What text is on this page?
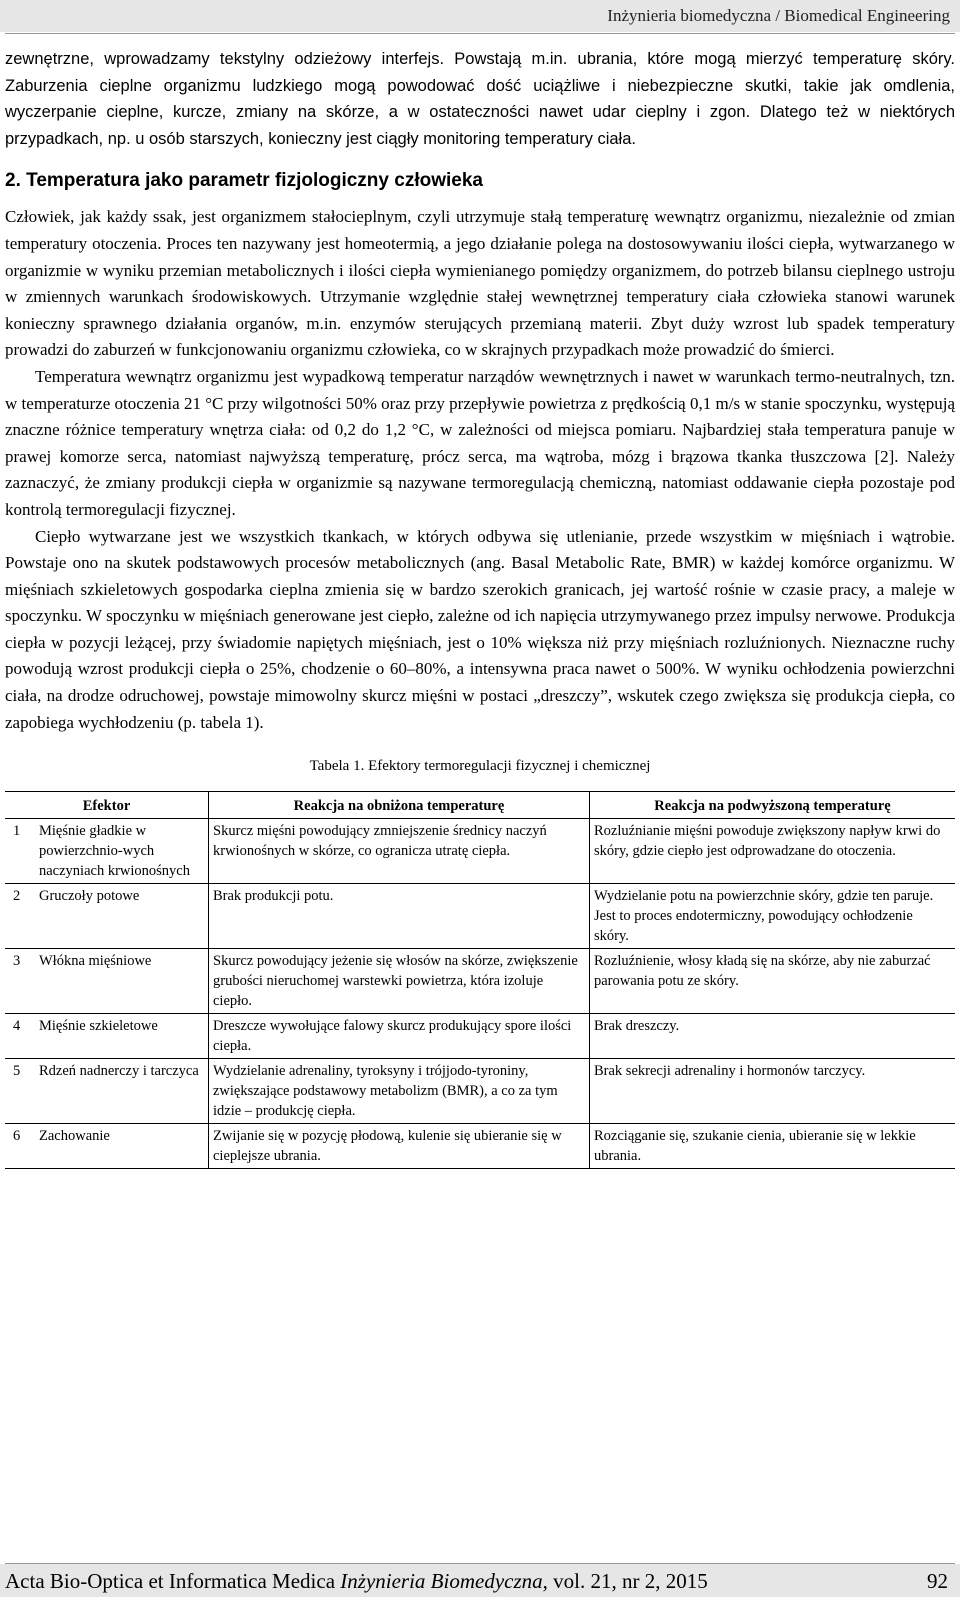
Inżynieria biomedyczna / Biomedical Engineering

zewnętrzne, wprowadzamy tekstylny odzieżowy interfejs. Powstają m.in. ubrania, które mogą mierzyć temperaturę skóry. Zaburzenia cieplne organizmu ludzkiego mogą powodować dość uciążliwe i niebezpieczne skutki, takie jak omdlenia, wyczerpanie cieplne, kurcze, zmiany na skórze, a w ostateczności nawet udar cieplny i zgon. Dlatego też w niektórych przypadkach, np. u osób starszych, konieczny jest ciągły monitoring temperatury ciała.

2. Temperatura jako parametr fizjologiczny człowieka

Człowiek, jak każdy ssak, jest organizmem stałocieplnym, czyli utrzymuje stałą temperaturę wewnątrz organizmu, niezależnie od zmian temperatury otoczenia. Proces ten nazywany jest homeotermią, a jego działanie polega na dostosowywaniu ilości ciepła, wytwarzanego w organizmie w wyniku przemian metabolicznych i ilości ciepła wymienianego pomiędzy organizmem, do potrzeb bilansu cieplnego ustroju w zmiennych warunkach środowiskowych. Utrzymanie względnie stałej wewnętrznej temperatury ciała człowieka stanowi warunek konieczny sprawnego działania organów, m.in. enzymów sterujących przemianą materii. Zbyt duży wzrost lub spadek temperatury prowadzi do zaburzeń w funkcjonowaniu organizmu człowieka, co w skrajnych przypadkach może prowadzić do śmierci.

Temperatura wewnątrz organizmu jest wypadkową temperatur narządów wewnętrznych i nawet w warunkach termo-neutralnych, tzn. w temperaturze otoczenia 21 °C przy wilgotności 50% oraz przy przepływie powietrza z prędkością 0,1 m/s w stanie spoczynku, występują znaczne różnice temperatury wnętrza ciała: od 0,2 do 1,2 °C, w zależności od miejsca pomiaru. Najbardziej stała temperatura panuje w prawej komorze serca, natomiast najwyższą temperaturę, prócz serca, ma wątroba, mózg i brązowa tkanka tłuszczowa [2]. Należy zaznaczyć, że zmiany produkcji ciepła w organizmie są nazywane termoregulacją chemiczną, natomiast oddawanie ciepła pozostaje pod kontrolą termoregulacji fizycznej.

Ciepło wytwarzane jest we wszystkich tkankach, w których odbywa się utlenianie, przede wszystkim w mięśniach i wątrobie. Powstaje ono na skutek podstawowych procesów metabolicznych (ang. Basal Metabolic Rate, BMR) w każdej komórce organizmu. W mięśniach szkieletowych gospodarka cieplna zmienia się w bardzo szerokich granicach, jej wartość rośnie w czasie pracy, a maleje w spoczynku. W spoczynku w mięśniach generowane jest ciepło, zależne od ich napięcia utrzymywanego przez impulsy nerwowe. Produkcja ciepła w pozycji leżącej, przy świadomie napiętych mięśniach, jest o 10% większa niż przy mięśniach rozluźnionych. Nieznaczne ruchy powodują wzrost produkcji ciepła o 25%, chodzenie o 60–80%, a intensywna praca nawet o 500%. W wyniku ochłodzenia powierzchni ciała, na drodze odruchowej, powstaje mimowolny skurcz mięśni w postaci „dreszczy”, wskutek czego zwiększa się produkcja ciepła, co zapobiega wychłodzeniu (p. tabela 1).

Tabela 1. Efektory termoregulacji fizycznej i chemicznej
Efektor		Reakcja na obniżona temperaturę	Reakcja na podwyższoną temperaturę
1	Mięśnie gładkie w powierzchnio-wych naczyniach krwionośnych	Skurcz mięśni powodujący zmniejszenie średnicy naczyń krwionośnych w skórze, co ogranicza utratę ciepła.	Rozluźnianie mięśni powoduje zwiększony napływ krwi do skóry, gdzie ciepło jest odprowadzane do otoczenia.
2	Gruczoły potowe	Brak produkcji potu.	Wydzielanie potu na powierzchnie skóry, gdzie ten paruje. Jest to proces endotermiczny, powodujący ochłodzenie skóry.
3	Włókna mięśniowe	Skurcz powodujący jeżenie się włosów na skórze, zwiększenie grubości nieruchomej warstewki powietrza, która izoluje ciepło.	Rozluźnienie, włosy kładą się na skórze, aby nie zaburzać parowania potu ze skóry.
4	Mięśnie szkieletowe	Dreszcze wywołujące falowy skurcz produkujący spore ilości ciepła.	Brak dreszczy.
5	Rdzeń nadnerczy i tarczyca	Wydzielanie adrenaliny, tyroksyny i trójjodo-tyroniny, zwiększające podstawowy metabolizm (BMR), a co za tym idzie – produkcję ciepła.	Brak sekrecji adrenaliny i hormonów tarczycy.
6	Zachowanie	Zwijanie się w pozycję płodową, kulenie się ubieranie się w cieplejsze ubrania.	Rozciąganie się, szukanie cienia, ubieranie się w lekkie ubrania.
Acta Bio-Optica et Informatica Medica Inżynieria Biomedyczna, vol. 21, nr 2, 2015	92
